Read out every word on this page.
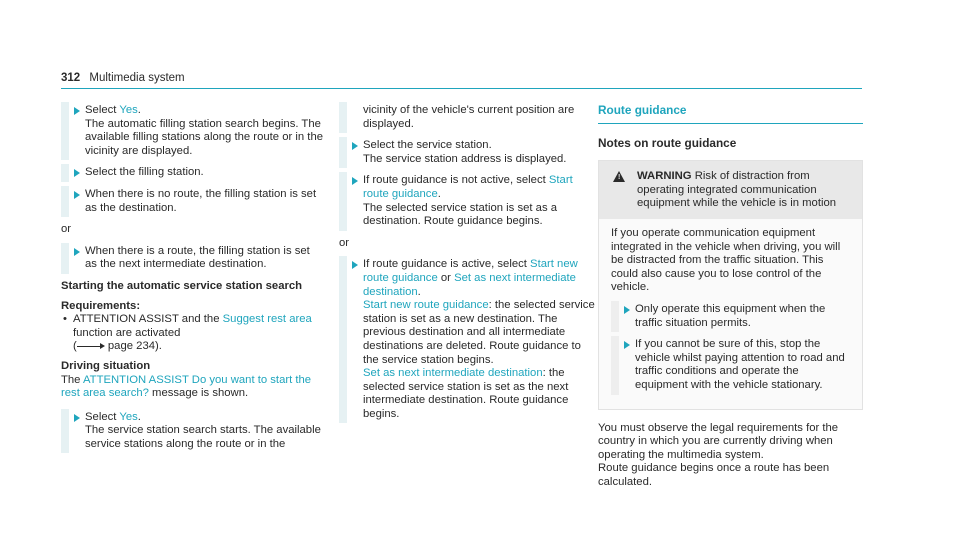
312 Multimedia system
Select Yes.
The automatic filling station search begins. The available filling stations along the route or in the vicinity are displayed.
Select the filling station.
When there is no route, the filling station is set as the destination.
or
When there is a route, the filling station is set as the next intermediate destination.
Starting the automatic service station search
Requirements:
• ATTENTION ASSIST and the Suggest rest area function are activated
( page 234).
Driving situation
The ATTENTION ASSIST Do you want to start the rest area search? message is shown.
Select Yes.
The service station search starts. The available service stations along the route or in the
vicinity of the vehicle's current position are displayed.
Select the service station.
The service station address is displayed.
If route guidance is not active, select Start route guidance.
The selected service station is set as a destination. Route guidance begins.
or
If route guidance is active, select Start new route guidance or Set as next intermediate destination.
Start new route guidance: the selected service station is set as a new destination. The previous destination and all intermediate destinations are deleted. Route guidance to the service station begins.
Set as next intermediate destination: the selected service station is set as the next intermediate destination. Route guidance begins.
Route guidance
Notes on route guidance
! WARNING Risk of distraction from operating integrated communication equipment while the vehicle is in motion
If you operate communication equipment integrated in the vehicle when driving, you will be distracted from the traffic situation. This could also cause you to lose control of the vehicle.
Only operate this equipment when the traffic situation permits.
If you cannot be sure of this, stop the vehicle whilst paying attention to road and traffic conditions and operate the equipment with the vehicle stationary.
You must observe the legal requirements for the country in which you are currently driving when operating the multimedia system.
Route guidance begins once a route has been calculated.
